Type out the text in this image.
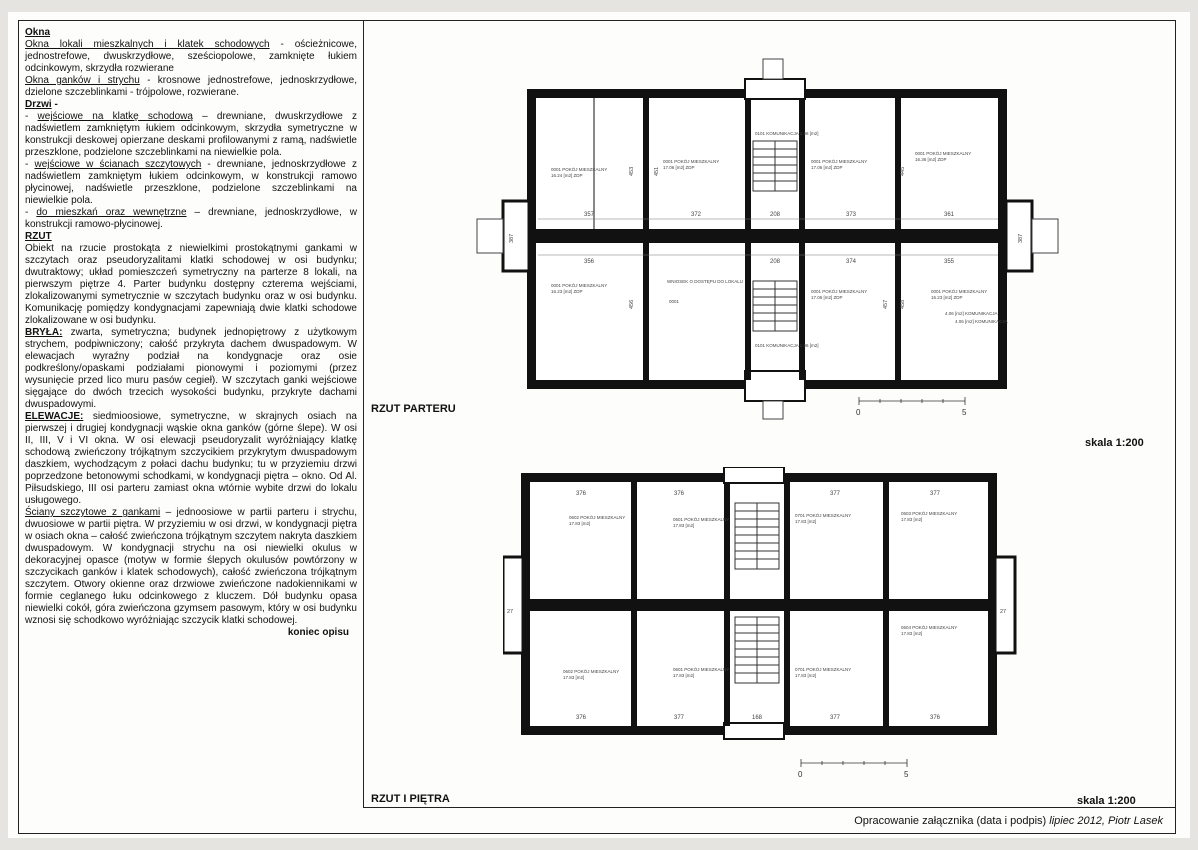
Okna

Okna lokali mieszkalnych i klatek schodowych - ościeżnicowe, jednostrefowe, dwuskrzydłowe, sześciopolowe, zamknięte łukiem odcinkowym, skrzydła rozwierane

Okna ganków i strychu - krosnowe jednostrefowe, jednoskrzydłowe, dzielone szczeblinkami - trójpolowe, rozwierane.

Drzwi -

- wejściowe na klatkę schodową – drewniane, dwuskrzydłowe z nadświetlem zamkniętym łukiem odcinkowym, skrzydła symetryczne w konstrukcji deskowej opierzane deskami profilowanymi z ramą, nadświetle przeszklone, podzielone szczeblinkami na niewielkie pola.

- wejściowe w ścianach szczytowych - drewniane, jednoskrzydłowe z nadświetlem zamkniętym łukiem odcinkowym, w konstrukcji ramowo płycinowej, nadświetle przeszklone, podzielone szczeblinkami na niewielkie pola.

- do mieszkań oraz wewnętrzne – drewniane, jednoskrzydłowe, w konstrukcji ramowo-płycinowej.

RZUT

Obiekt na rzucie prostokąta z niewielkimi prostokątnymi gankami w szczytach oraz pseudoryzalitami klatki schodowej w osi budynku; dwutraktowy; układ pomieszczeń symetryczny na parterze 8 lokali, na pierwszym piętrze 4. Parter budynku dostępny czterema wejściami, zlokalizowanymi symetrycznie w szczytach budynku oraz w osi budynku. Komunikację pomiędzy kondygnacjami zapewniają dwie klatki schodowe zlokalizowane w osi budynku.

BRYŁA: zwarta, symetryczna; budynek jednopiętrowy z użytkowym strychem, podpiwniczony; całość przykryta dachem dwuspadowym. W elewacjach wyraźny podział na kondygnacje oraz osie podkreślony/opaskami podziałami pionowymi i poziomymi (przez wysunięcie przed lico muru pasów cegieł). W szczytach ganki wejściowe sięgające do dwóch trzecich wysokości budynku, przykryte dachami dwuspadowymi.

ELEWACJE: siedmioosiowe, symetryczne, w skrajnych osiach na pierwszej i drugiej kondygnacji wąskie okna ganków (górne ślepe). W osi II, III, V i VI okna. W osi elewacji pseudoryzalit wyróżniający klatkę schodową zwieńczony trójkątnym szczycikiem przykrytym dwuspadowym daszkiem, wychodzącym z połaci dachu budynku; tu w przyziemiu drzwi poprzedzone betonowymi schodkami, w kondygnacji piętra – okno. Od Al. Piłsudskiego, III osi parteru zamiast okna wtórnie wybite drzwi do lokalu usługowego.

Ściany szczytowe z gankami – jednoosiowe w partii parteru i strychu, dwuosiowe w partii piętra. W przyziemiu w osi drzwi, w kondygnacji piętra w osiach okna – całość zwieńczona trójkątnym szczytem nakryta daszkiem dwuspadowym. W kondygnacji strychu na osi niewielki okulus w dekoracyjnej opasce (motyw w formie ślepych okulusów powtórzony w szczycikach ganków i klatek schodowych), całość zwieńczona trójkątnym szczytem. Otwory okienne oraz drzwiowe zwieńczone nadokiennikami w formie ceglanego łuku odcinkowego z kluczem. Dół budynku opasa niewielki cokół, góra zwieńczona gzymsem pasowym, który w osi budynku wznosi się schodkowo wyróżniając szczycik klatki schodowej.

koniec opisu

357	372	208	373	361
356	208	374	355
453	451	445
456	457 458
387	387
0001 POKÓJ MIESZKALNY
16.24 [m2] ZDP
0001 POKÓJ MIESZKALNY
17.06 [m2] ZDP
0001 POKÓJ MIESZKALNY
17.06 [m2] ZDP
0001 POKÓJ MIESZKALNY
16.36 [m2] ZDP
0001 POKÓJ MIESZKALNY
16.23 [m2] ZDP
WNIOSEK O DOSTĘPU DO LOKALU
0001
0001 POKÓJ MIESZKALNY
17.06 [m2] ZDP
0001 POKÓJ MIESZKALNY
16.23 [m2] ZDP
0101 KOMUNIKACJA 1.96 [m2]
0101 KOMUNIKACJA 1.96 [m2]
4.06 [m2] KOMUNIKACJA
4.06 [m2] KOMUNIKACJA
0	5
RZUT PARTERU
skala 1:200
376	376	377	377
376	377	168	377	376
27	27
0602 POKÓJ MIESZKALNY
17.83 [m2]
0601 POKÓJ MIESZKALNY
17.83 [m2]
0701 POKÓJ MIESZKALNY
17.83 [m2]
0603 POKÓJ MIESZKALNY
17.83 [m2]
0602 POKÓJ MIESZKALNY
17.83 [m2]
0601 POKÓJ MIESZKALNY
17.83 [m2]
0701 POKÓJ MIESZKALNY
17.83 [m2]
0604 POKÓJ MIESZKALNY
17.83 [m2]
0	5
RZUT I PIĘTRA	skala 1:200
Opracowanie załącznika (data i podpis) lipiec 2012, Piotr Lasek
